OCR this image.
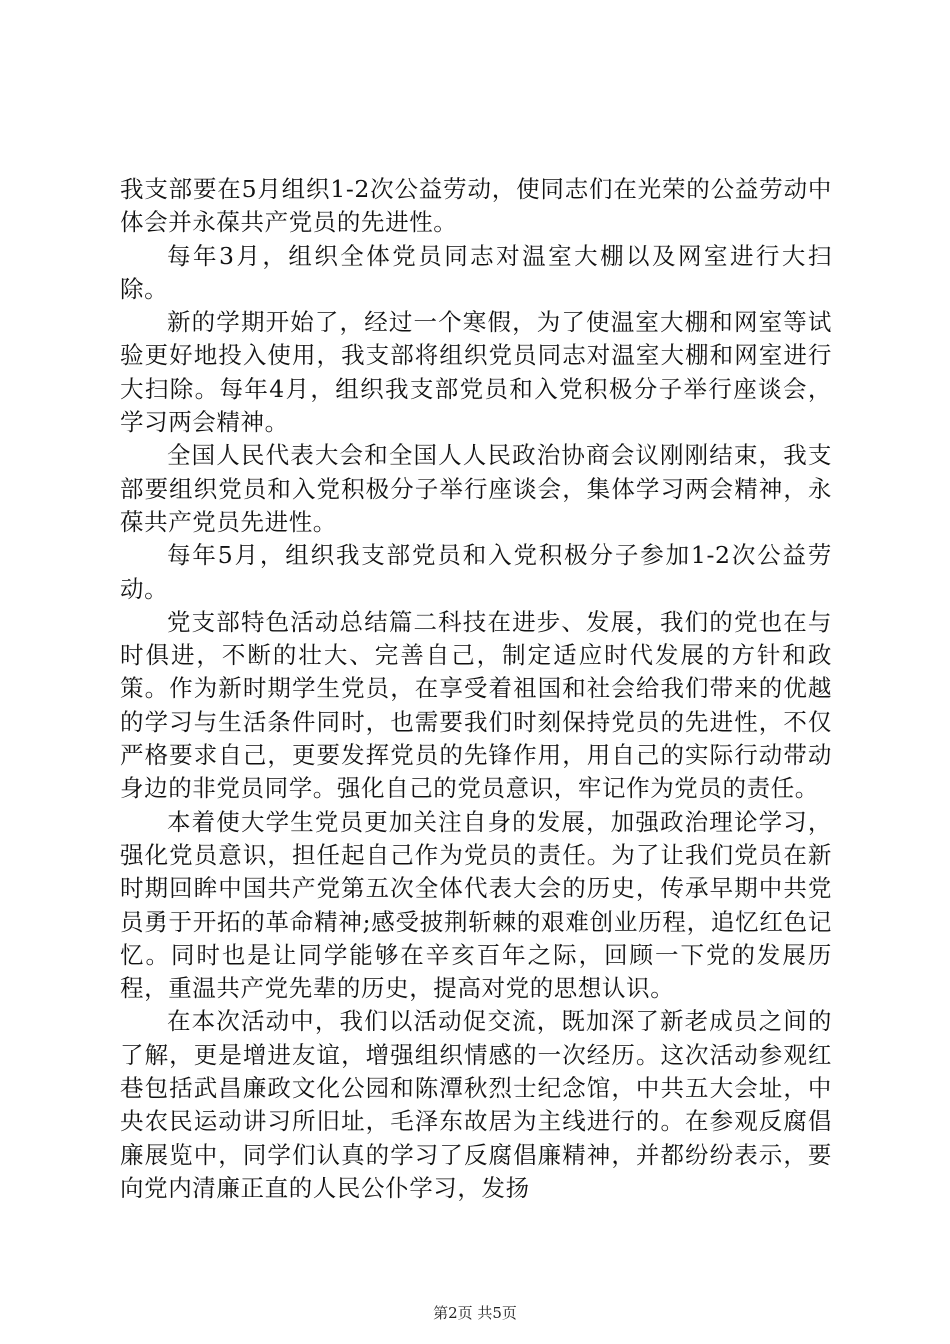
我支部要在5月组织1-2次公益劳动，使同志们在光荣的公益劳动中体会并永葆共产党员的先进性。

每年3月，组织全体党员同志对温室大棚以及网室进行大扫除。

新的学期开始了，经过一个寒假，为了使温室大棚和网室等试验更好地投入使用，我支部将组织党员同志对温室大棚和网室进行大扫除。每年4月，组织我支部党员和入党积极分子举行座谈会，学习两会精神。

全国人民代表大会和全国人人民政治协商会议刚刚结束，我支部要组织党员和入党积极分子举行座谈会，集体学习两会精神，永葆共产党员先进性。

每年5月，组织我支部党员和入党积极分子参加1-2次公益劳动。

党支部特色活动总结篇二科技在进步、发展，我们的党也在与时俱进，不断的壮大、完善自己，制定适应时代发展的方针和政策。作为新时期学生党员，在享受着祖国和社会给我们带来的优越的学习与生活条件同时，也需要我们时刻保持党员的先进性，不仅严格要求自己，更要发挥党员的先锋作用，用自己的实际行动带动身边的非党员同学。强化自己的党员意识，牢记作为党员的责任。

本着使大学生党员更加关注自身的发展，加强政治理论学习，强化党员意识，担任起自己作为党员的责任。为了让我们党员在新时期回眸中国共产党第五次全体代表大会的历史，传承早期中共党员勇于开拓的革命精神;感受披荆斩棘的艰难创业历程，追忆红色记忆。同时也是让同学能够在辛亥百年之际，回顾一下党的发展历程，重温共产党先辈的历史，提高对党的思想认识。

在本次活动中，我们以活动促交流，既加深了新老成员之间的了解，更是增进友谊，增强组织情感的一次经历。这次活动参观红巷包括武昌廉政文化公园和陈潭秋烈士纪念馆，中共五大会址，中央农民运动讲习所旧址，毛泽东故居为主线进行的。在参观反腐倡廉展览中，同学们认真的学习了反腐倡廉精神，并都纷纷表示，要向党内清廉正直的人民公仆学习，发扬

第2页 共5页
